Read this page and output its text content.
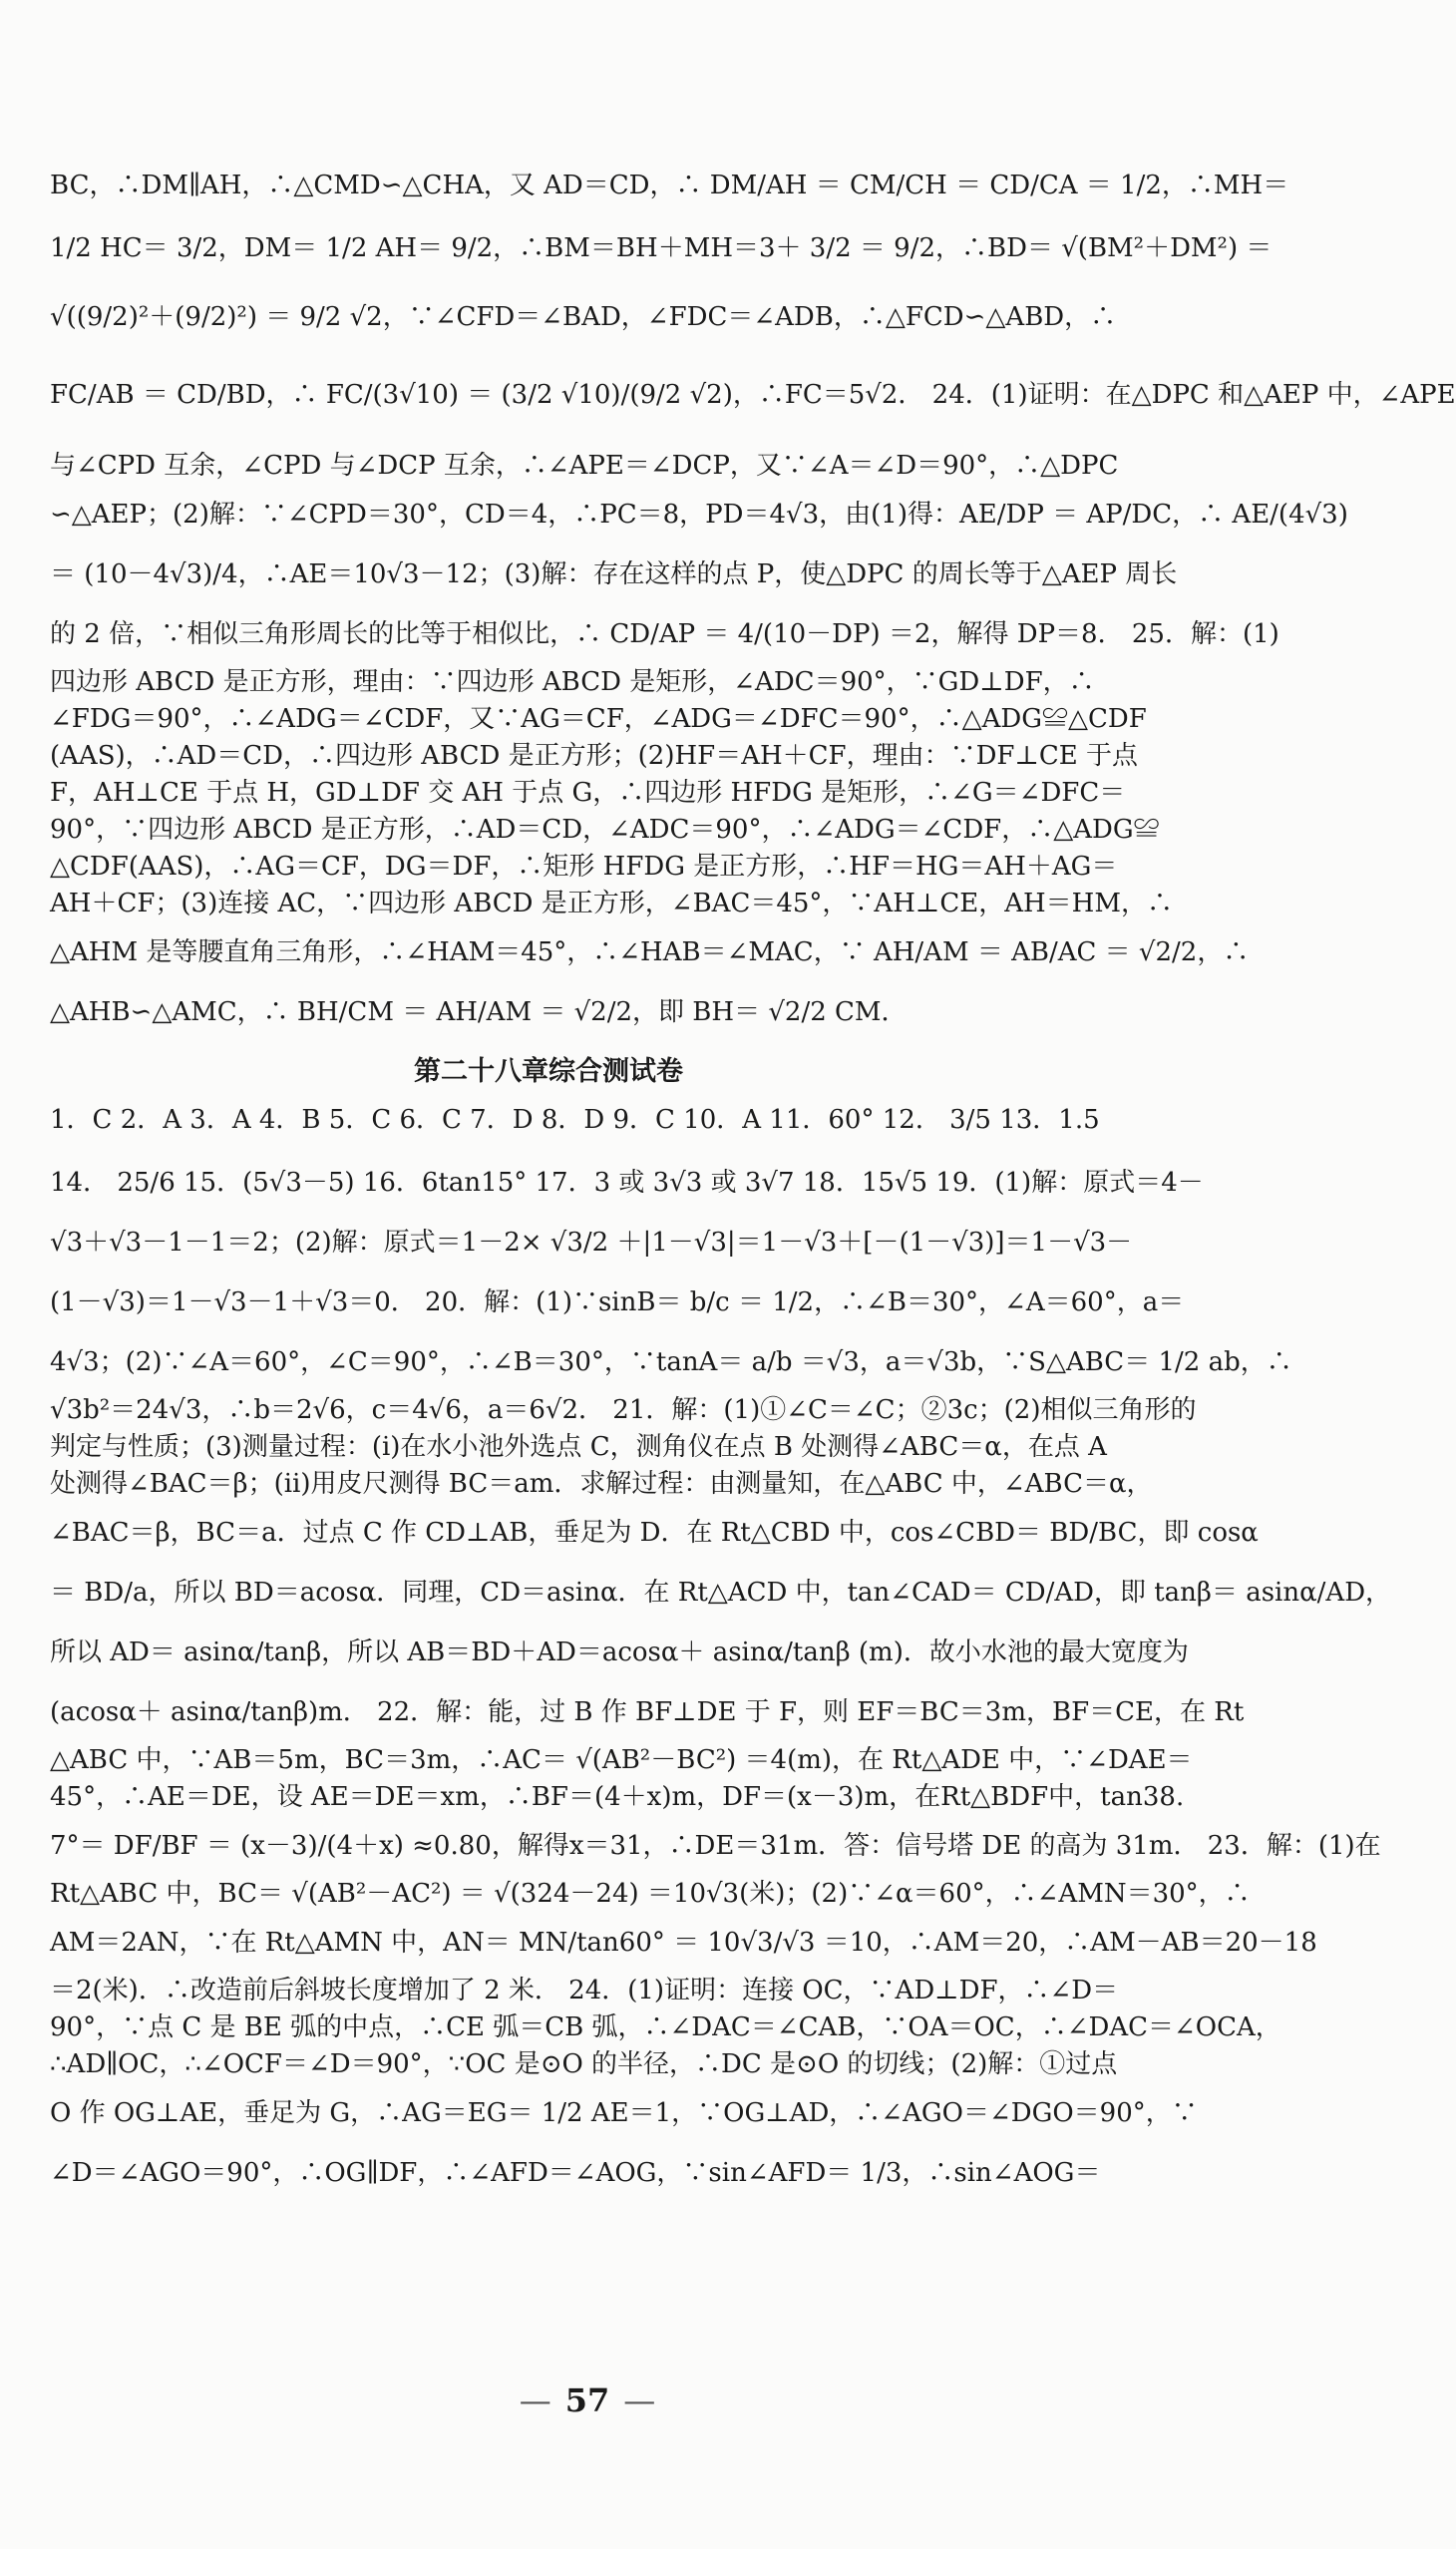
BC，∴DM∥AH，∴△CMD∽△CHA，又 AD＝CD，∴ DM/AH ＝ CM/CH ＝ CD/CA ＝ 1/2，∴MH＝
1/2 HC＝ 3/2，DM＝ 1/2 AH＝ 9/2，∴BM＝BH＋MH＝3＋ 3/2 ＝ 9/2，∴BD＝ √(BM²＋DM²) ＝
√((9/2)²＋(9/2)²) ＝ 9/2 √2，∵∠CFD＝∠BAD，∠FDC＝∠ADB，∴△FCD∽△ABD，∴
FC/AB ＝ CD/BD，∴ FC/(3√10) ＝ (3/2 √10)/(9/2 √2)，∴FC＝5√2． 24．(1)证明：在△DPC 和△AEP 中，∠APE
与∠CPD 互余，∠CPD 与∠DCP 互余，∴∠APE＝∠DCP，又∵∠A＝∠D＝90°，∴△DPC
∽△AEP；(2)解：∵∠CPD＝30°，CD＝4，∴PC＝8，PD＝4√3，由(1)得：AE/DP ＝ AP/DC，∴ AE/(4√3)
＝ (10－4√3)/4，∴AE＝10√3－12；(3)解：存在这样的点 P，使△DPC 的周长等于△AEP 周长
的 2 倍，∵相似三角形周长的比等于相似比，∴ CD/AP ＝ 4/(10－DP) ＝2，解得 DP＝8． 25．解：(1)
四边形 ABCD 是正方形，理由：∵四边形 ABCD 是矩形，∠ADC＝90°，∵GD⊥DF，∴
∠FDG＝90°，∴∠ADG＝∠CDF，又∵AG＝CF，∠ADG＝∠DFC＝90°，∴△ADG≌△CDF
(AAS)，∴AD＝CD，∴四边形 ABCD 是正方形；(2)HF＝AH＋CF，理由：∵DF⊥CE 于点
F，AH⊥CE 于点 H，GD⊥DF 交 AH 于点 G，∴四边形 HFDG 是矩形，∴∠G＝∠DFC＝
90°，∵四边形 ABCD 是正方形，∴AD＝CD，∠ADC＝90°，∴∠ADG＝∠CDF，∴△ADG≌
△CDF(AAS)，∴AG＝CF，DG＝DF，∴矩形 HFDG 是正方形，∴HF＝HG＝AH＋AG＝
AH＋CF；(3)连接 AC，∵四边形 ABCD 是正方形，∠BAC＝45°，∵AH⊥CE，AH＝HM，∴
△AHM 是等腰直角三角形，∴∠HAM＝45°，∴∠HAB＝∠MAC，∵ AH/AM ＝ AB/AC ＝ √2/2，∴
△AHB∽△AMC，∴ BH/CM ＝ AH/AM ＝ √2/2，即 BH＝ √2/2 CM．
第二十八章综合测试卷
1．C 2．A 3．A 4．B 5．C 6．C 7．D 8．D 9．C 10．A 11．60° 12． 3/5 13．1.5
14． 25/6 15．(5√3－5) 16．6tan15° 17．3 或 3√3 或 3√7 18．15√5 19．(1)解：原式＝4－
√3＋√3－1－1＝2；(2)解：原式＝1－2× √3/2 ＋|1－√3|＝1－√3＋[－(1－√3)]＝1－√3－
(1－√3)＝1－√3－1＋√3＝0． 20．解：(1)∵sinB＝ b/c ＝ 1/2，∴∠B＝30°，∠A＝60°，a＝
4√3；(2)∵∠A＝60°，∠C＝90°，∴∠B＝30°，∵tanA＝ a/b ＝√3，a＝√3b，∵S△ABC＝ 1/2 ab，∴
√3b²＝24√3，∴b＝2√6，c＝4√6，a＝6√2． 21．解：(1)①∠C＝∠C；②3c；(2)相似三角形的
判定与性质；(3)测量过程：(ⅰ)在水小池外选点 C，测角仪在点 B 处测得∠ABC＝α，在点 A
处测得∠BAC＝β；(ⅱ)用皮尺测得 BC＝am．求解过程：由测量知，在△ABC 中，∠ABC＝α，
∠BAC＝β，BC＝a．过点 C 作 CD⊥AB，垂足为 D．在 Rt△CBD 中，cos∠CBD＝ BD/BC，即 cosα
＝ BD/a，所以 BD＝acosα．同理，CD＝asinα．在 Rt△ACD 中，tan∠CAD＝ CD/AD，即 tanβ＝ asinα/AD，
所以 AD＝ asinα/tanβ，所以 AB＝BD＋AD＝acosα＋ asinα/tanβ (m)．故小水池的最大宽度为
(acosα＋ asinα/tanβ)m． 22．解：能，过 B 作 BF⊥DE 于 F，则 EF＝BC＝3m，BF＝CE，在 Rt
△ABC 中，∵AB＝5m，BC＝3m，∴AC＝ √(AB²－BC²) ＝4(m)，在 Rt△ADE 中，∵∠DAE＝
45°，∴AE＝DE，设 AE＝DE＝xm，∴BF＝(4＋x)m，DF＝(x－3)m，在Rt△BDF中，tan38.
7°＝ DF/BF ＝ (x－3)/(4＋x) ≈0.80，解得x＝31，∴DE＝31m．答：信号塔 DE 的高为 31m． 23．解：(1)在
Rt△ABC 中，BC＝ √(AB²－AC²) ＝ √(324－24) ＝10√3(米)；(2)∵∠α＝60°，∴∠AMN＝30°，∴
AM＝2AN，∵在 Rt△AMN 中，AN＝ MN/tan60° ＝ 10√3/√3 ＝10，∴AM＝20，∴AM－AB＝20－18
＝2(米)．∴改造前后斜坡长度增加了 2 米． 24．(1)证明：连接 OC，∵AD⊥DF，∴∠D＝
90°，∵点 C 是 BE 弧的中点，∴CE 弧＝CB 弧，∴∠DAC＝∠CAB，∵OA＝OC，∴∠DAC＝∠OCA，
∴AD∥OC，∴∠OCF＝∠D＝90°，∵OC 是⊙O 的半径，∴DC 是⊙O 的切线；(2)解：①过点
O 作 OG⊥AE，垂足为 G，∴AG＝EG＝ 1/2 AE＝1，∵OG⊥AD，∴∠AGO＝∠DGO＝90°，∵
∠D＝∠AGO＝90°，∴OG∥DF，∴∠AFD＝∠AOG，∵sin∠AFD＝ 1/3，∴sin∠AOG＝
— 57 —
